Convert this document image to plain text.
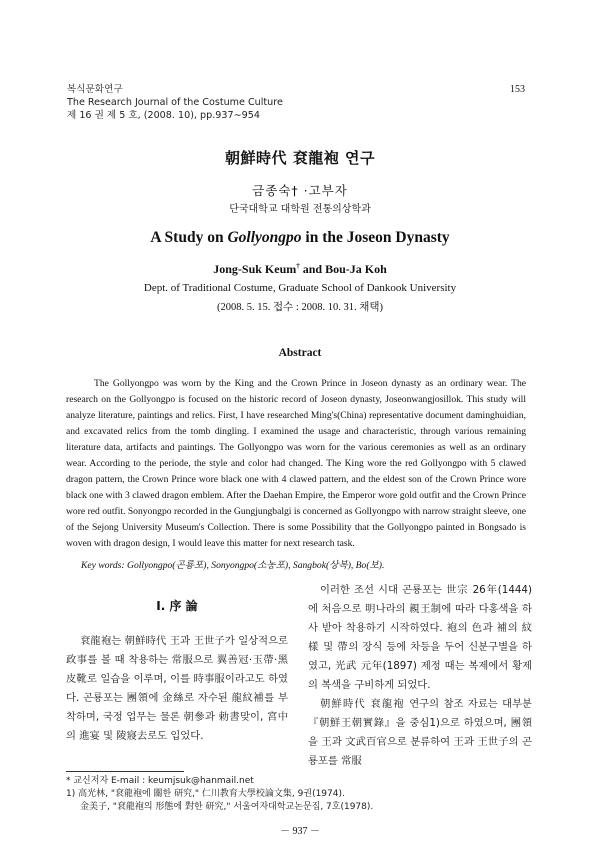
복식문화연구
The Research Journal of the Costume Culture
제 16 권 제 5 호, (2008. 10), pp.937∼954
153
朝鮮時代 袞龍袍 연구
금종숙† ·고부자
단국대학교 대학원 전통의상학과
A Study on Gollyongpo in the Joseon Dynasty
Jong-Suk Keum† and Bou-Ja Koh
Dept. of Traditional Costume, Graduate School of Dankook University
(2008. 5. 15. 접수 : 2008. 10. 31. 채택)
Abstract
The Gollyongpo was worn by the King and the Crown Prince in Joseon dynasty as an ordinary wear. The research on the Gollyongpo is focused on the historic record of Joseon dynasty, Joseonwangjosillok. This study will analyze literature, paintings and relics. First, I have researched Ming's(China) representative document daminghuidian, and excavated relics from the tomb dingling. I examined the usage and characteristic, through various remaining literature data, artifacts and paintings. The Gollyongpo was worn for the various ceremonies as well as an ordinary wear. According to the periode, the style and color had changed. The King wore the red Gollyongpo with 5 clawed dragon pattern, the Crown Prince wore black one with 4 clawed pattern, and the eldest son of the Crown Prince wore black one with 3 clawed dragon emblem. After the Daehan Empire, the Emperor wore gold outfit and the Crown Prince wore red outfit. Sonyongpo recorded in the Gungjungbalgi is concerned as Gollyongpo with narrow straight sleeve, one of the Sejong University Museum's Collection. There is some Possibility that the Gollyongpo painted in Bongsado is woven with dragon design, I would leave this matter for next research task.
Key words: Gollyongpo(곤룡포), Sonyongpo(소농포), Sangbok(상복), Bo(보).
Ⅰ. 序 論
袞龍袍는 朝鮮時代 王과 王世子가 일상적으로 政事를 볼 때 착용하는 常服으로 翼善冠·玉帶·黑皮靴로 일습을 이루며, 이를 時事服이라고도 하였다. 곤룡포는 團領에 金絲로 자수된 龍紋補를 부착하며, 국정 업무는 물론 朝參과 勅書맞이, 宮中의 進宴 및 陵寢去로도 입었다.
이러한 조선 시대 곤룡포는 世宗 26年(1444)에 처음으로 明나라의 親王制에 따라 다홍색을 하사 받아 착용하기 시작하였다. 袍의 色과 補의 紋樣 및 帶의 장식 등에 차등을 두어 신분구별을 하였고, 光武 元年(1897) 제정 때는 복제에서 황제의 복색을 구비하게 되었다.
朝鮮時代 袞龍袍 연구의 참조 자료는 대부분 『朝鮮王朝實錄』을 중심1)으로 하였으며, 團領을 王과 文武百官으로 분류하여 王과 王世子의 곤룡포를 常服
* 교신저자 E-mail : keumjsuk@hanmail.net
1) 高光林, "袞龍袍에 關한 研究," 仁川教育大學校論文集, 9권(1974).
金美子, "袞龍袍의 形態에 對한 研究," 서울여자대학교논문집, 7호(1978).
－ 937 －
